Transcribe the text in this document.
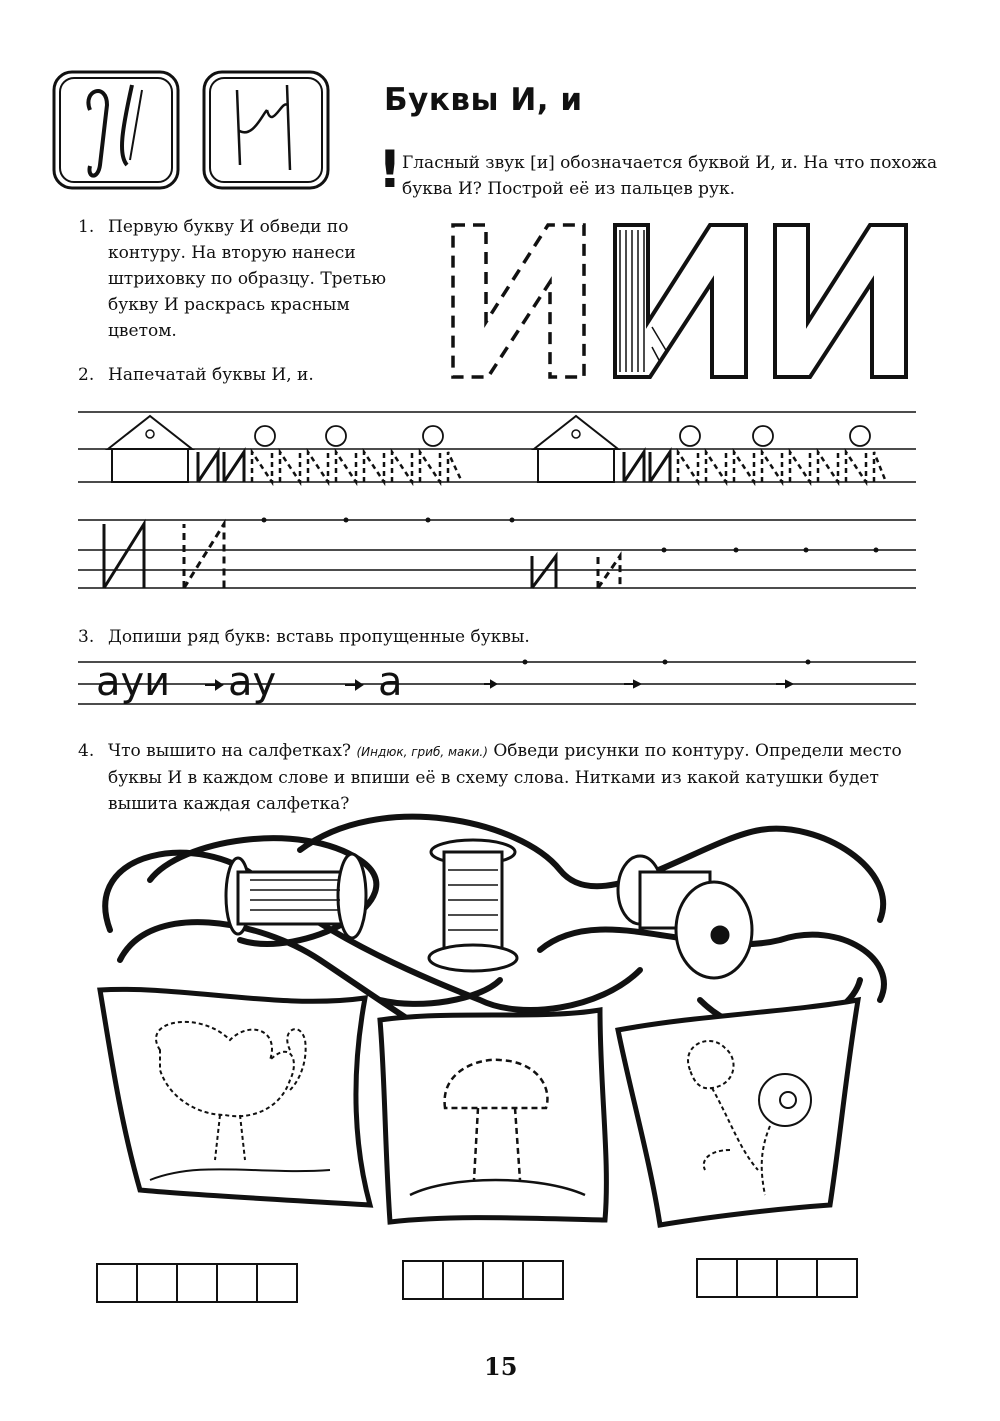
Буквы И, и
! Гласный звук [и] обозначается буквой И, и. На что похожа буква И? Построй её из пальцев рук.
1. Первую букву И обведи по контуру. На вторую нанеси штриховку по образцу. Третью букву И раскрась красным цветом.
2. Напечатай буквы И, и.
3. Допиши ряд букв: вставь пропущенные буквы.
ауи ау	а
4. Что вышито на салфетках? (Индюк, гриб, маки.) Обведи рисунки по контуру. Определи место буквы И в каждом слове и впиши её в схему слова. Нитками из какой катушки будет вышита каждая салфетка?
15
